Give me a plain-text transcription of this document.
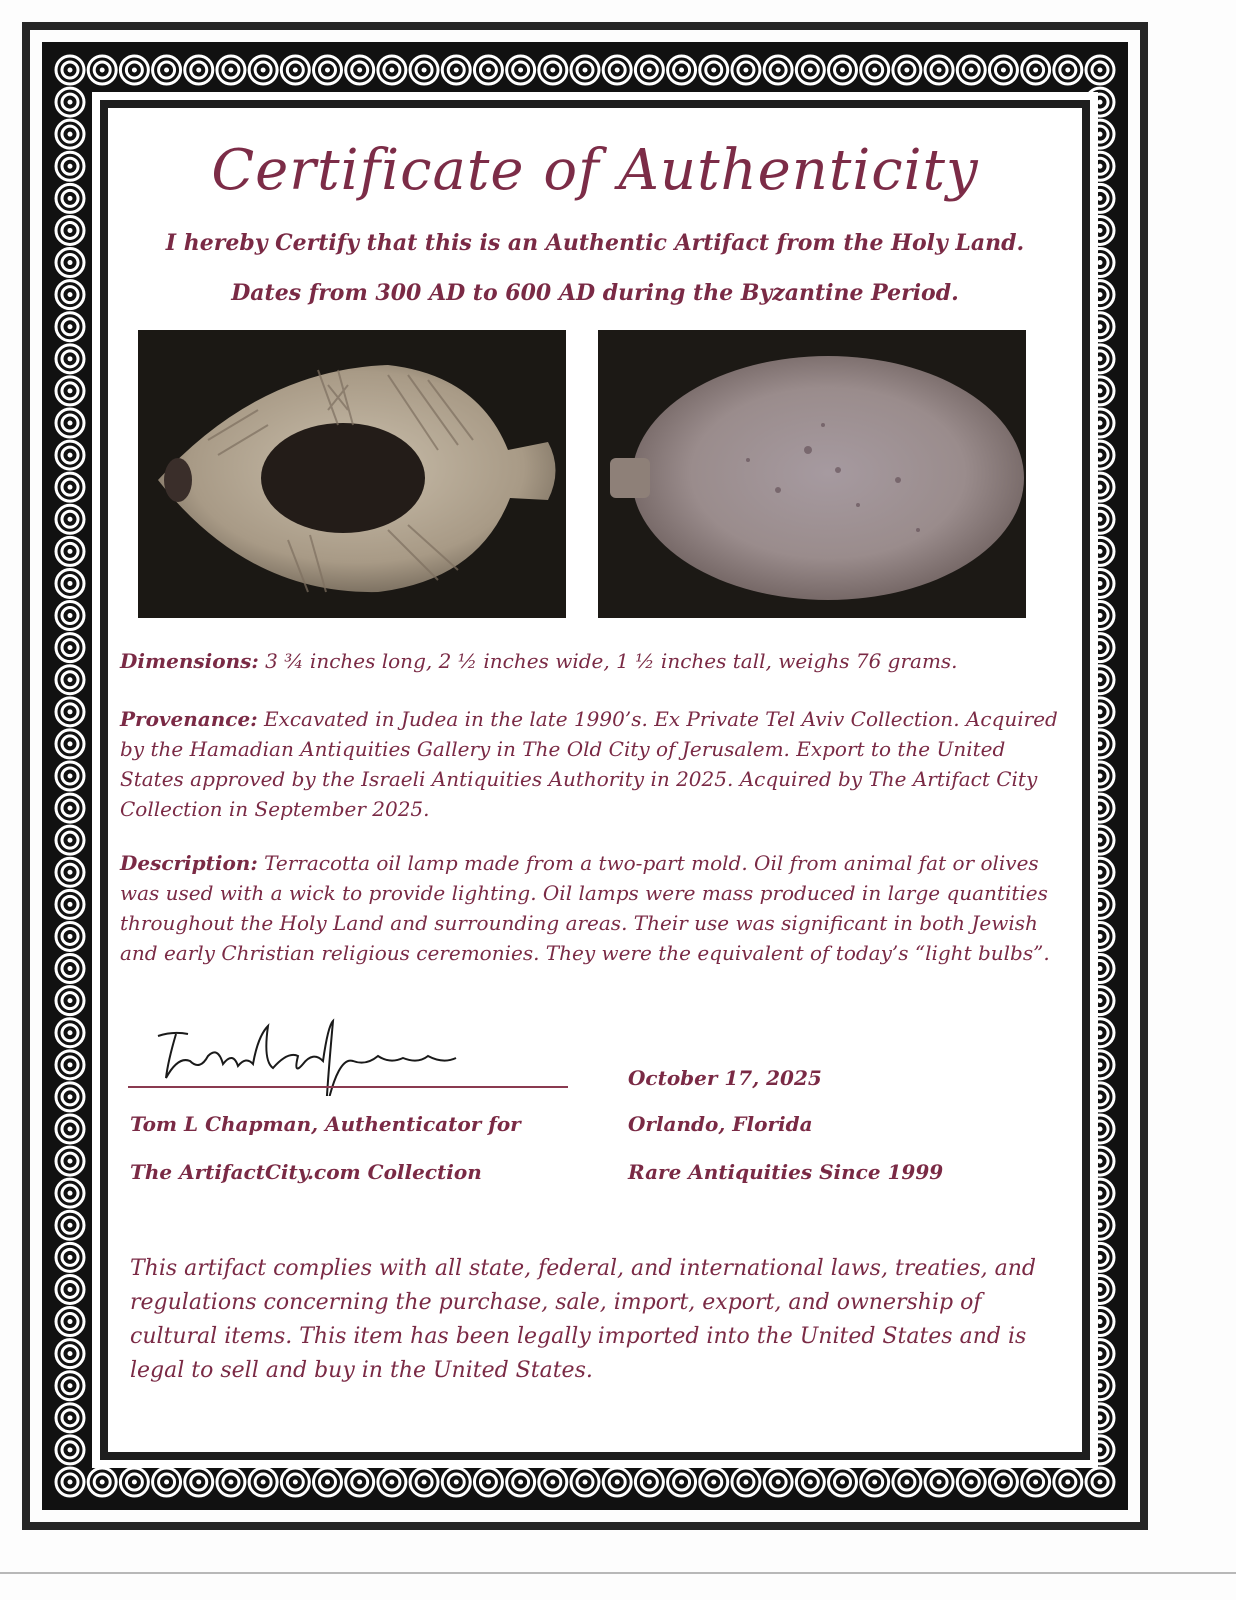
Certificate of Authenticity
I hereby Certify that this is an Authentic Artifact from the Holy Land.
Dates from 300 AD to 600 AD during the Byzantine Period.
Dimensions: 3 ¾ inches long, 2 ½ inches wide, 1 ½ inches tall, weighs 76 grams.
Provenance: Excavated in Judea in the late 1990’s. Ex Private Tel Aviv Collection. Acquired by the Hamadian Antiquities Gallery in The Old City of Jerusalem. Export to the United States approved by the Israeli Antiquities Authority in 2025. Acquired by The Artifact City Collection in September 2025.
Description: Terracotta oil lamp made from a two-part mold. Oil from animal fat or olives was used with a wick to provide lighting. Oil lamps were mass produced in large quantities throughout the Holy Land and surrounding areas. Their use was significant in both Jewish and early Christian religious ceremonies. They were the equivalent of today’s “light bulbs”.
Tom L Chapman, Authenticator for
The ArtifactCity.com Collection
October 17, 2025
Orlando, Florida
Rare Antiquities Since 1999
This artifact complies with all state, federal, and international laws, treaties, and regulations concerning the purchase, sale, import, export, and ownership of cultural items. This item has been legally imported into the United States and is legal to sell and buy in the United States.
